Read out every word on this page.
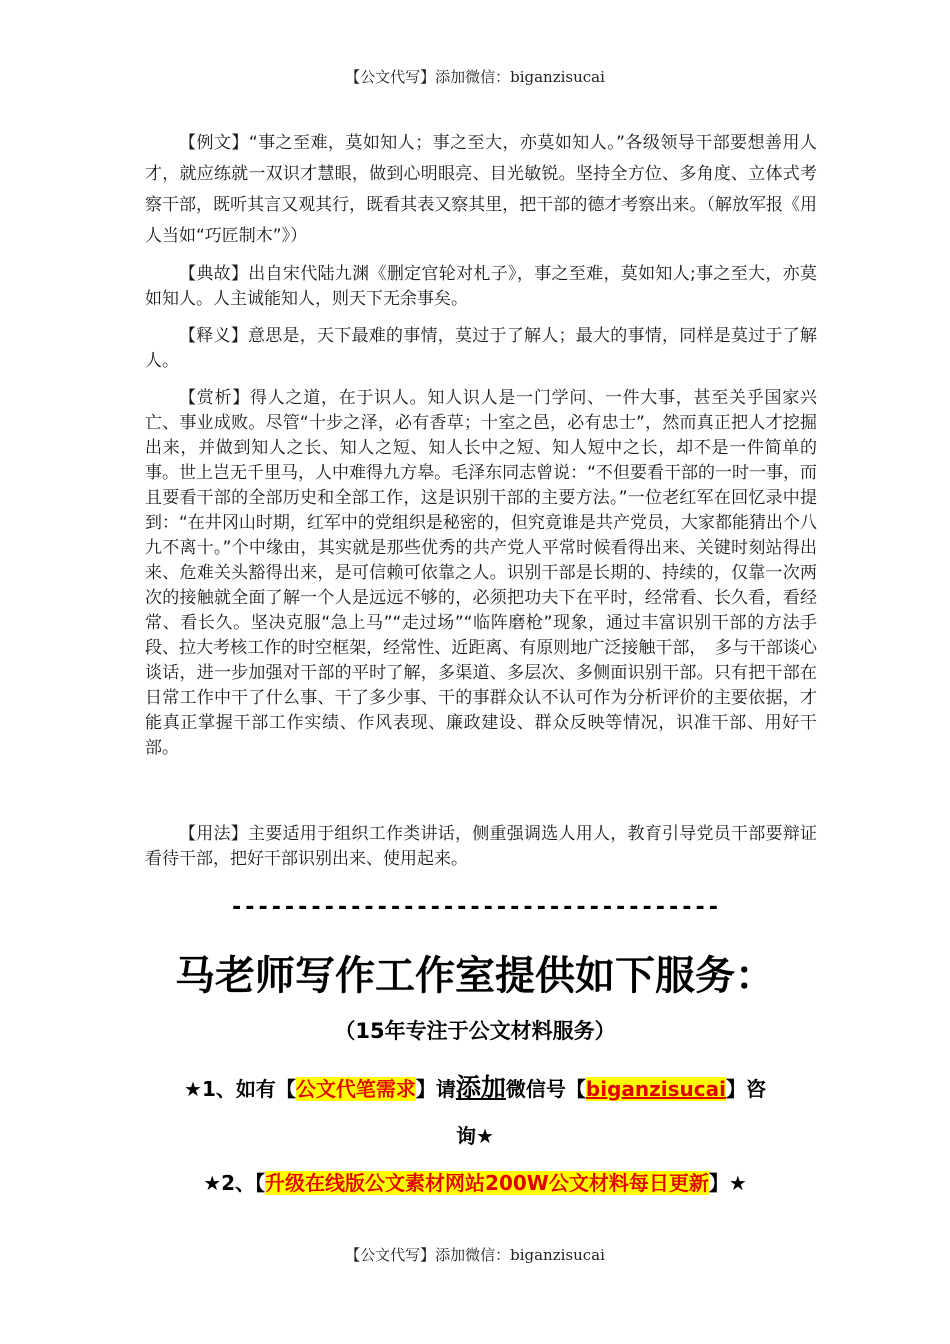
【公文代写】添加微信：biganzisucai

【例文】“事之至难，莫如知人；事之至大，亦莫如知人。”各级领导干部要想善用人才，就应练就一双识才慧眼，做到心明眼亮、目光敏锐。坚持全方位、多角度、立体式考察干部，既听其言又观其行，既看其表又察其里，把干部的德才考察出来。（解放军报《用人当如“巧匠制木”》）

【典故】出自宋代陆九渊《删定官轮对札子》，事之至难，莫如知人;事之至大，亦莫如知人。人主诚能知人，则天下无余事矣。

【释义】意思是，天下最难的事情，莫过于了解人；最大的事情，同样是莫过于了解人。

【赏析】得人之道，在于识人。知人识人是一门学问、一件大事，甚至关乎国家兴亡、事业成败。尽管“十步之泽，必有香草；十室之邑，必有忠士”，然而真正把人才挖掘出来，并做到知人之长、知人之短、知人长中之短、知人短中之长，却不是一件简单的事。世上岂无千里马，人中难得九方皋。毛泽东同志曾说：“不但要看干部的一时一事，而且要看干部的全部历史和全部工作，这是识别干部的主要方法。”一位老红军在回忆录中提到：“在井冈山时期，红军中的党组织是秘密的，但究竟谁是共产党员，大家都能猜出个八九不离十。”个中缘由，其实就是那些优秀的共产党人平常时候看得出来、关键时刻站得出来、危难关头豁得出来，是可信赖可依靠之人。识别干部是长期的、持续的，仅靠一次两次的接触就全面了解一个人是远远不够的，必须把功夫下在平时，经常看、长久看，看经常、看长久。坚决克服“急上马”“走过场”“临阵磨枪”现象，通过丰富识别干部的方法手段、拉大考核工作的时空框架，经常性、近距离、有原则地广泛接触干部，　多与干部谈心谈话，进一步加强对干部的平时了解，多渠道、多层次、多侧面识别干部。只有把干部在日常工作中干了什么事、干了多少事、干的事群众认不认可作为分析评价的主要依据，才能真正掌握干部工作实绩、作风表现、廉政建设、群众反映等情况，识准干部、用好干部。

【用法】主要适用于组织工作类讲话，侧重强调选人用人，教育引导党员干部要辩证看待干部，把好干部识别出来、使用起来。

-------------------------------------
马老师写作工作室提供如下服务：
（15年专注于公文材料服务）
★1、如有【公文代笔需求】请添加微信号【biganzisucai】咨
询★
★2、【升级在线版公文素材网站200W公文材料每日更新】★
【公文代写】添加微信：biganzisucai
